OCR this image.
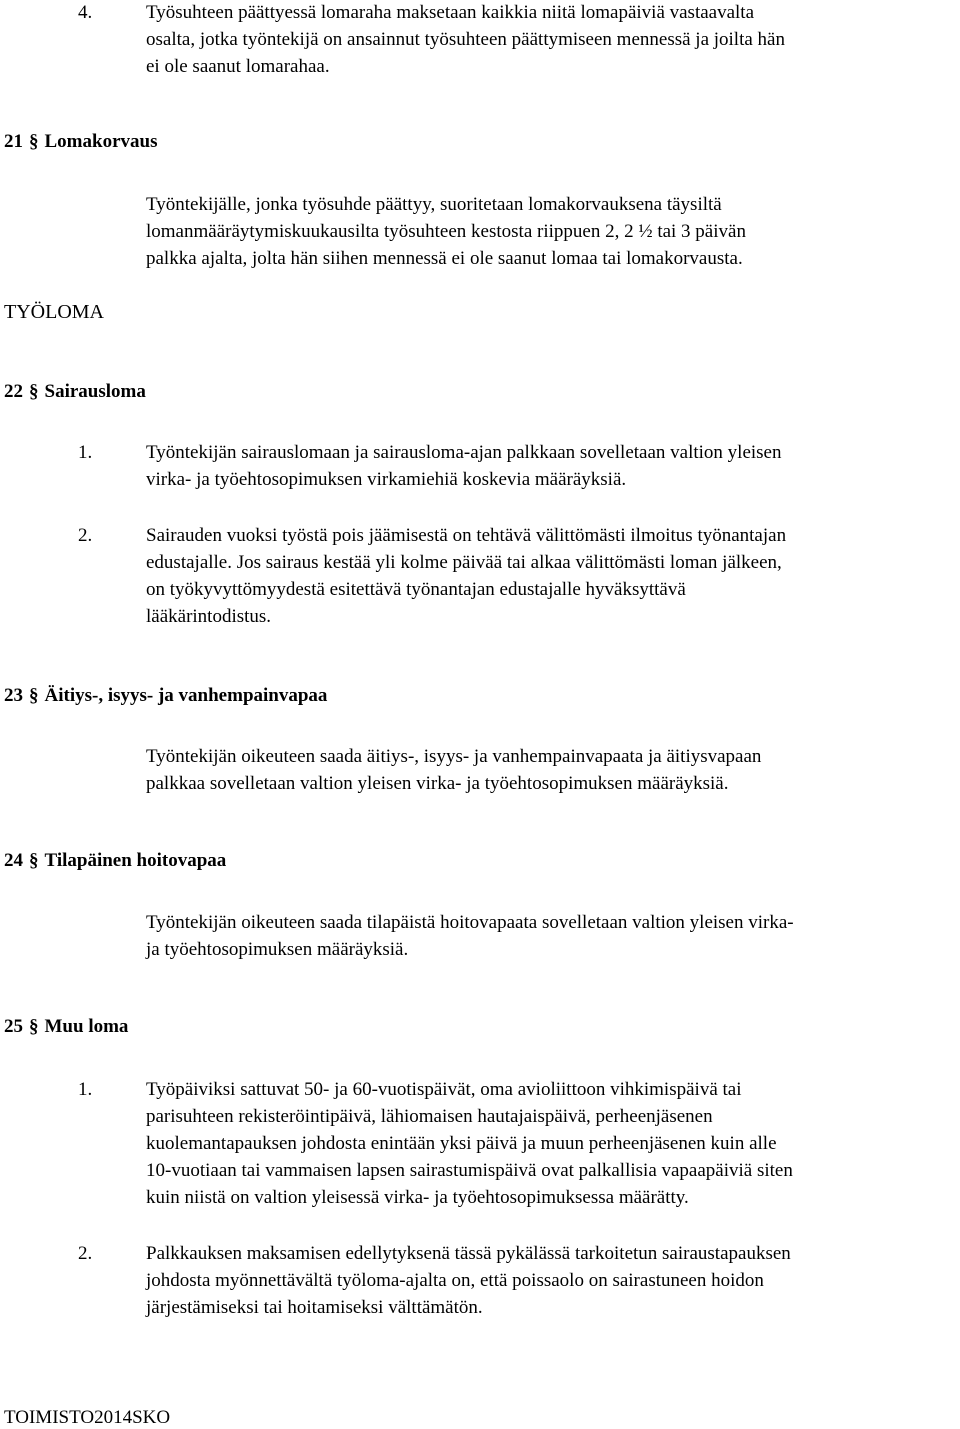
4.	Työsuhteen päättyessä lomaraha maksetaan kaikkia niitä lomapäiviä vastaavalta
osalta, jotka työntekijä on ansainnut työsuhteen päättymiseen mennessä ja joilta hän
ei ole saanut lomarahaa.
21 § Lomakorvaus
Työntekijälle, jonka työsuhde päättyy, suoritetaan lomakorvauksena täysiltä
lomanmääräytymiskuukausilta työsuhteen kestosta riippuen 2, 2 ½ tai 3 päivän
palkka ajalta, jolta hän siihen mennessä ei ole saanut lomaa tai lomakorvausta.
TYÖLOMA
22 § Sairausloma
1.	Työntekijän sairauslomaan ja sairausloma-ajan palkkaan sovelletaan valtion yleisen
virka- ja työehtosopimuksen virkamiehiä koskevia määräyksiä.
2.	Sairauden vuoksi työstä pois jäämisestä on tehtävä välittömästi ilmoitus työnantajan
edustajalle. Jos sairaus kestää yli kolme päivää tai alkaa välittömästi loman jälkeen,
on työkyvyttömyydestä esitettävä työnantajan edustajalle hyväksyttävä
lääkärintodistus.
23 § Äitiys-, isyys- ja vanhempainvapaa
Työntekijän oikeuteen saada äitiys-, isyys- ja vanhempainvapaata ja äitiysvapaan
palkkaa sovelletaan valtion yleisen virka- ja työehtosopimuksen määräyksiä.
24 § Tilapäinen hoitovapaa
Työntekijän oikeuteen saada tilapäistä hoitovapaata sovelletaan valtion yleisen virka-
ja työehtosopimuksen määräyksiä.
25 § Muu loma
1.	Työpäiviksi sattuvat 50- ja 60-vuotispäivät, oma avioliittoon vihkimispäivä tai
parisuhteen rekisteröintipäivä, lähiomaisen hautajaispäivä, perheenjäsenen
kuolemantapauksen johdosta enintään yksi päivä ja muun perheenjäsenen kuin alle
10-vuotiaan tai vammaisen lapsen sairastumispäivä ovat palkallisia vapaapäiviä siten
kuin niistä on valtion yleisessä virka- ja työehtosopimuksessa määrätty.
2.	Palkkauksen maksamisen edellytyksenä tässä pykälässä tarkoitetun sairaustapauksen
johdosta myönnettävältä työloma-ajalta on, että poissaolo on sairastuneen hoidon
järjestämiseksi tai hoitamiseksi välttämätön.
TOIMISTO2014SKO
